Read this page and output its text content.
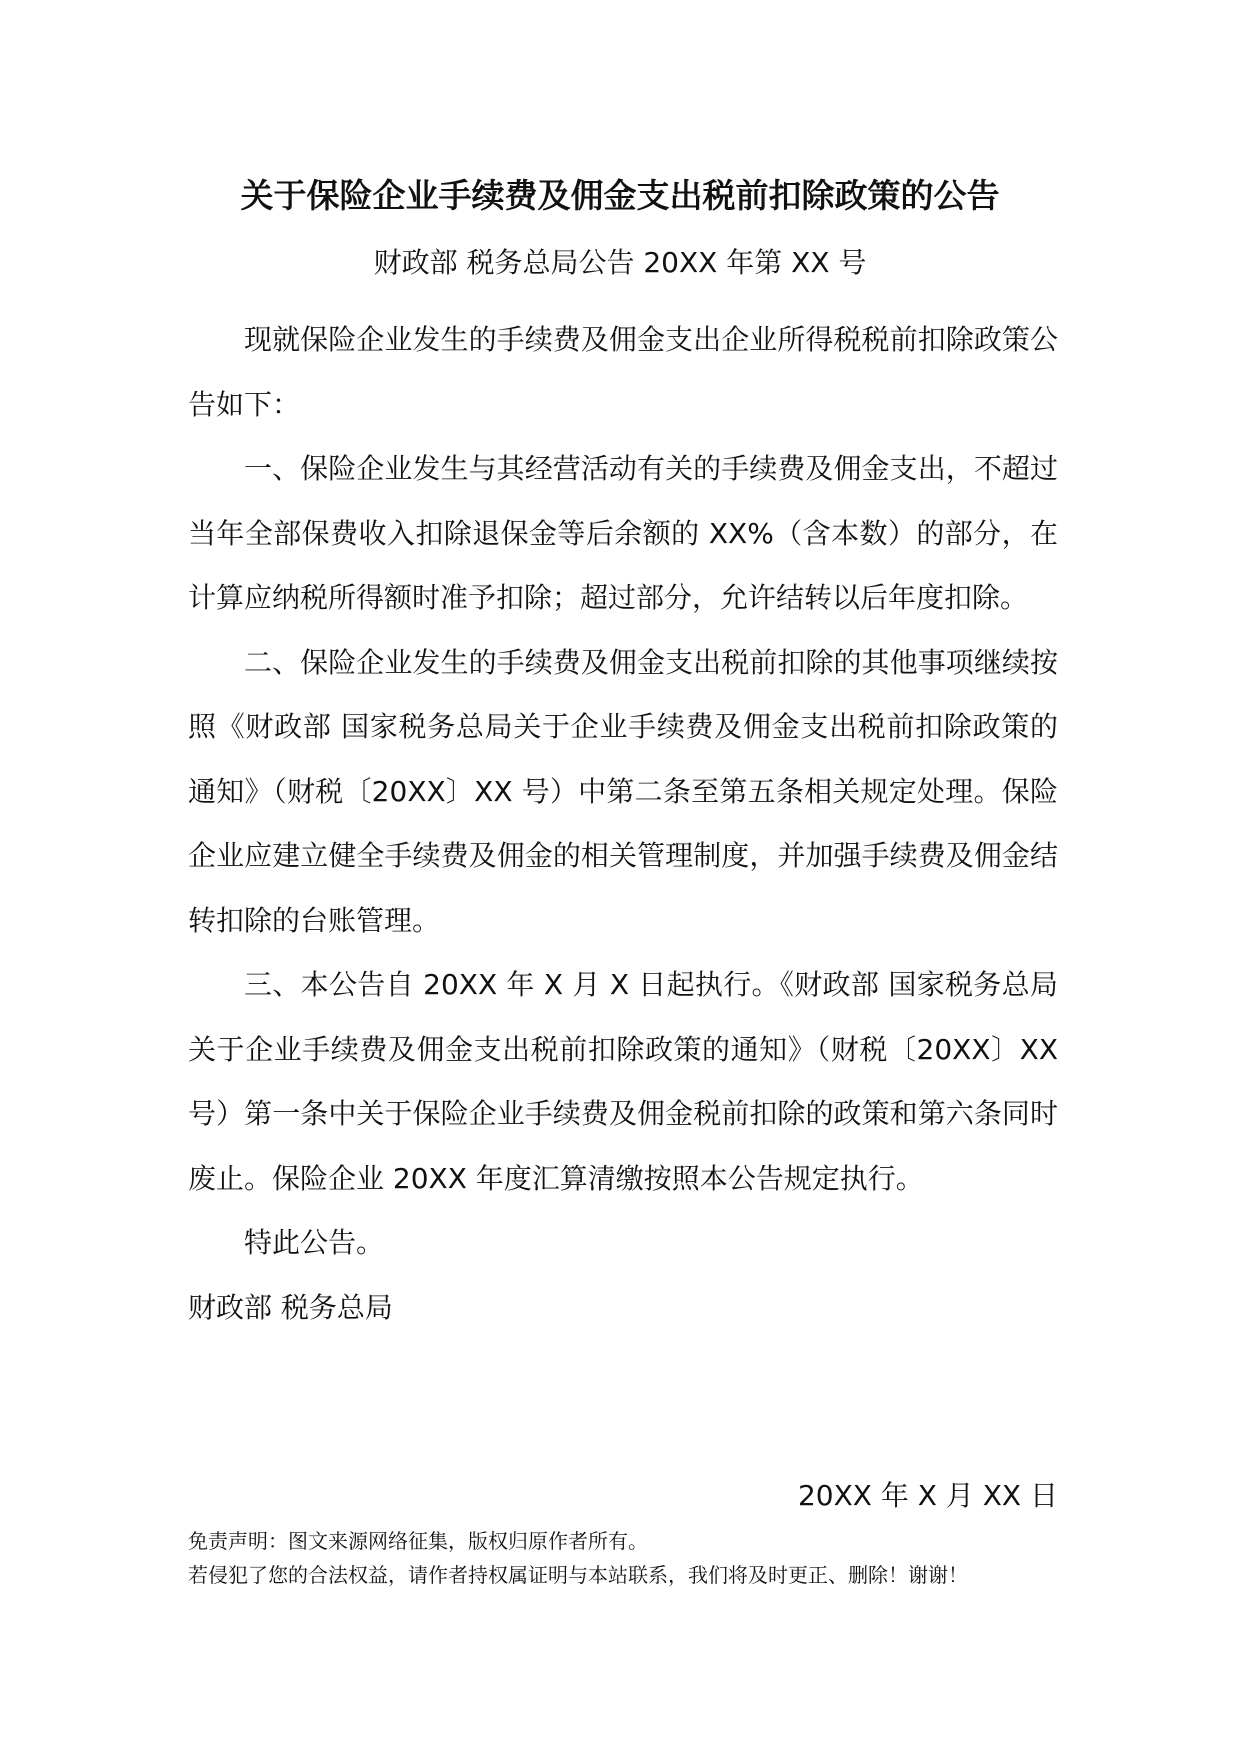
关于保险企业手续费及佣金支出税前扣除政策的公告
财政部 税务总局公告 20XX 年第 XX 号

现就保险企业发生的手续费及佣金支出企业所得税税前扣除政策公告如下：

一、保险企业发生与其经营活动有关的手续费及佣金支出，不超过当年全部保费收入扣除退保金等后余额的 XX%（含本数）的部分，在计算应纳税所得额时准予扣除；超过部分，允许结转以后年度扣除。

二、保险企业发生的手续费及佣金支出税前扣除的其他事项继续按照《财政部 国家税务总局关于企业手续费及佣金支出税前扣除政策的通知》（财税〔20XX〕XX 号）中第二条至第五条相关规定处理。保险企业应建立健全手续费及佣金的相关管理制度，并加强手续费及佣金结转扣除的台账管理。

三、本公告自 20XX 年 X 月 X 日起执行。《财政部 国家税务总局关于企业手续费及佣金支出税前扣除政策的通知》（财税〔20XX〕XX 号）第一条中关于保险企业手续费及佣金税前扣除的政策和第六条同时废止。保险企业 20XX 年度汇算清缴按照本公告规定执行。

特此公告。

财政部 税务总局

20XX 年 X 月 XX 日
免责声明：图文来源网络征集，版权归原作者所有。
若侵犯了您的合法权益，请作者持权属证明与本站联系，我们将及时更正、删除！谢谢！
